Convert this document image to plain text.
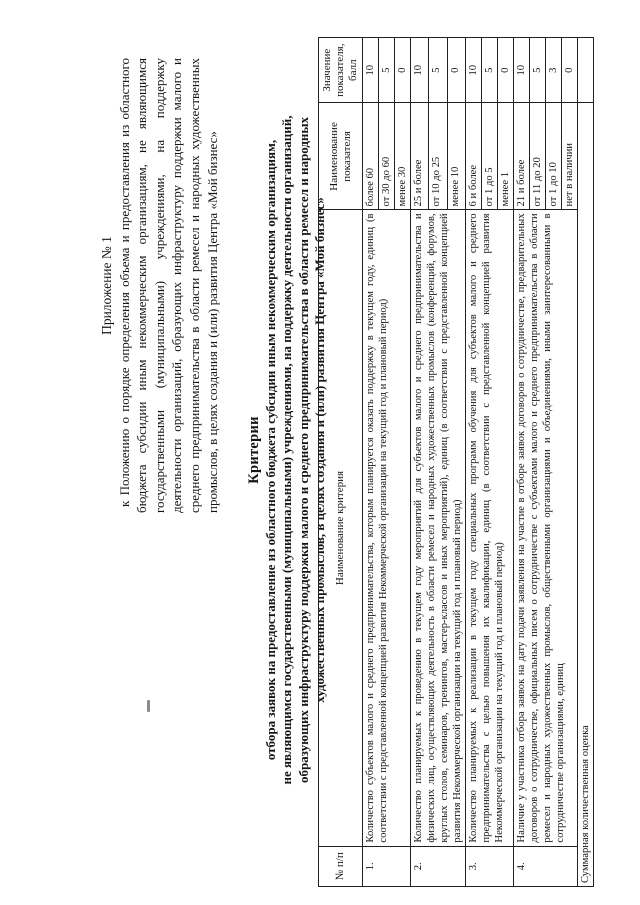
Приложение № 1 к Положению о порядке определения объема и предоставления из областного бюджета субсидии иным некоммерческим организациям, не являющимся государственными (муниципальными) учреждениями, на поддержку деятельности организаций, образующих инфраструктуру поддержки малого и среднего предпринимательства в области ремесел и народных художественных промыслов, в целях создания и (или) развития Центра «Мой бизнес» Критерии отбора заявок на предоставление из областного бюджета субсидии иным некоммерческим организациям, не являющимся государственными (муниципальными) учреждениями, на поддержку деятельности организаций, образующих инфраструктуру поддержки малого и среднего предпринимательства в области ремесел и народных художественных промыслов, в целях создания и (или) развития Центра «Мой бизнес»
№ п/п	Наименование критерия	Наименование показателя	Значение показателя, балл
1.	Количество субъектов малого и среднего предпринимательства, которым планируется оказать поддержку в текущем году, единиц (в соответствии с представленной концепцией развития Некоммерческой организации на текущий год и плановый период)	более 60	10
		от 30 до 60	5
		менее 30	0
2.	Количество планируемых к проведению в текущем году мероприятий для субъектов малого и среднего предпринимательства и физических лиц, осуществляющих деятельность в области ремесел и народных художественных промыслов (конференций, форумов, круглых столов, семинаров, тренингов, мастер-классов и иных мероприятий), единиц (в соответствии с представленной концепцией развития Некоммерческой организации на текущий год и плановый период)	25 и более	10
		от 10 до 25	5
		менее 10	0
3.	Количество планируемых к реализации в текущем году специальных программ обучения для субъектов малого и среднего предпринимательства с целью повышения их квалификации, единиц (в соответствии с представленной концепцией развития Некоммерческой организации на текущий год и плановый период)	6 и более	10
		от 1 до 5	5
		менее 1	0
4.	Наличие у участника отбора заявок на дату подачи заявления на участие в отборе заявок договоров о сотрудничестве, предварительных договоров о сотрудничестве, официальных писем о сотрудничестве с субъектами малого и среднего предпринимательства в области ремесел и народных художественных промыслов, общественными организациями и объединениями, иными заинтересованными в сотрудничестве организациями, единиц	21 и более	10
		от 11 до 20	5
		от 1 до 10	3
		нет в наличии	0
Суммарная количественная оценка			
